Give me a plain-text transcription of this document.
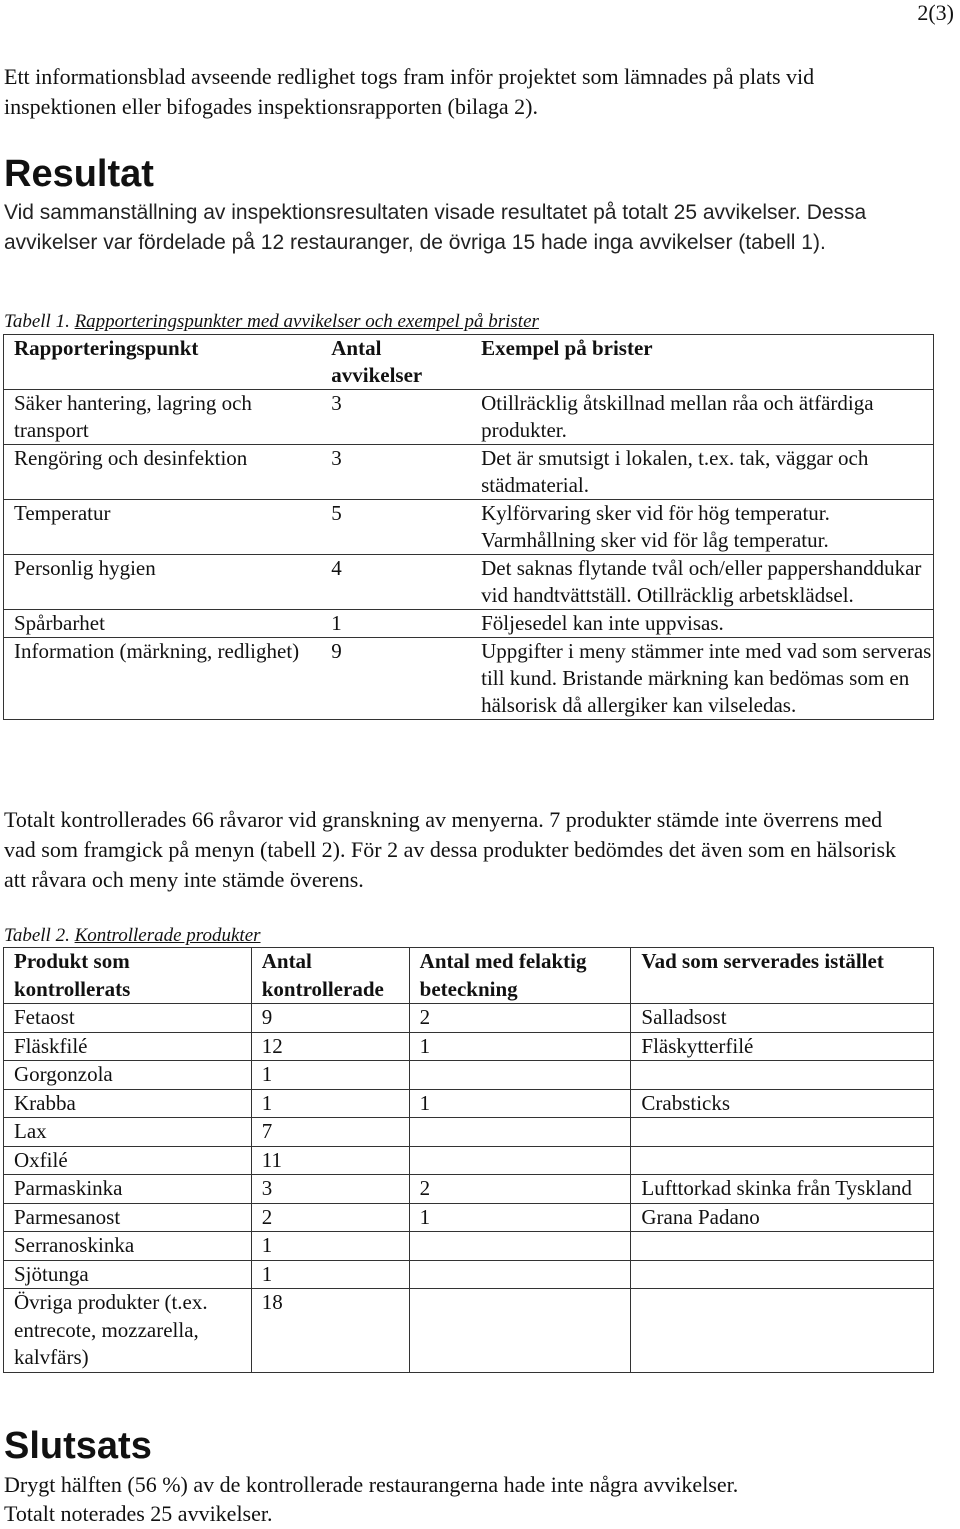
2(3)

Ett informationsblad avseende redlighet togs fram inför projektet som lämnades på plats vid inspektionen eller bifogades inspektionsrapporten (bilaga 2).

Resultat

Vid sammanställning av inspektionsresultaten visade resultatet på totalt 25 avvikelser. Dessa avvikelser var fördelade på 12 restauranger, de övriga 15 hade inga avvikelser (tabell 1).

Tabell 1. Rapporteringspunkter med avvikelser och exempel på brister
Rapporteringspunkt	Antal avvikelser	Exempel på brister
Säker hantering, lagring och transport	3	Otillräcklig åtskillnad mellan råa och ätfärdiga produkter.
Rengöring och desinfektion	3	Det är smutsigt i lokalen, t.ex. tak, väggar och städmaterial.
Temperatur	5	Kylförvaring sker vid för hög temperatur. Varmhållning sker vid för låg temperatur.
Personlig hygien	4	Det saknas flytande tvål och/eller pappershanddukar vid handtvättställ. Otillräcklig arbetsklädsel.
Spårbarhet	1	Följesedel kan inte uppvisas.
Information (märkning, redlighet)	9	Uppgifter i meny stämmer inte med vad som serveras till kund. Bristande märkning kan bedömas som en hälsorisk då allergiker kan vilseledas.

Totalt kontrollerades 66 råvaror vid granskning av menyerna. 7 produkter stämde inte överrens med vad som framgick på menyn (tabell 2). För 2 av dessa produkter bedömdes det även som en hälsorisk att råvara och meny inte stämde överens.

Tabell 2. Kontrollerade produkter
Produkt som kontrollerats	Antal kontrollerade	Antal med felaktig beteckning	Vad som serverades istället
Fetaost	9	2	Salladsost
Fläskfilé	12	1	Fläskytterfilé
Gorgonzola	1		
Krabba	1	1	Crabsticks
Lax	7		
Oxfilé	11		
Parmaskinka	3	2	Lufttorkad skinka från Tyskland
Parmesanost	2	1	Grana Padano
Serranoskinka	1		
Sjötunga	1		
Övriga produkter (t.ex. entrecote, mozzarella, kalvfärs)	18		
Slutsats

Drygt hälften (56 %) av de kontrollerade restaurangerna hade inte några avvikelser.

Totalt noterades 25 avvikelser.
